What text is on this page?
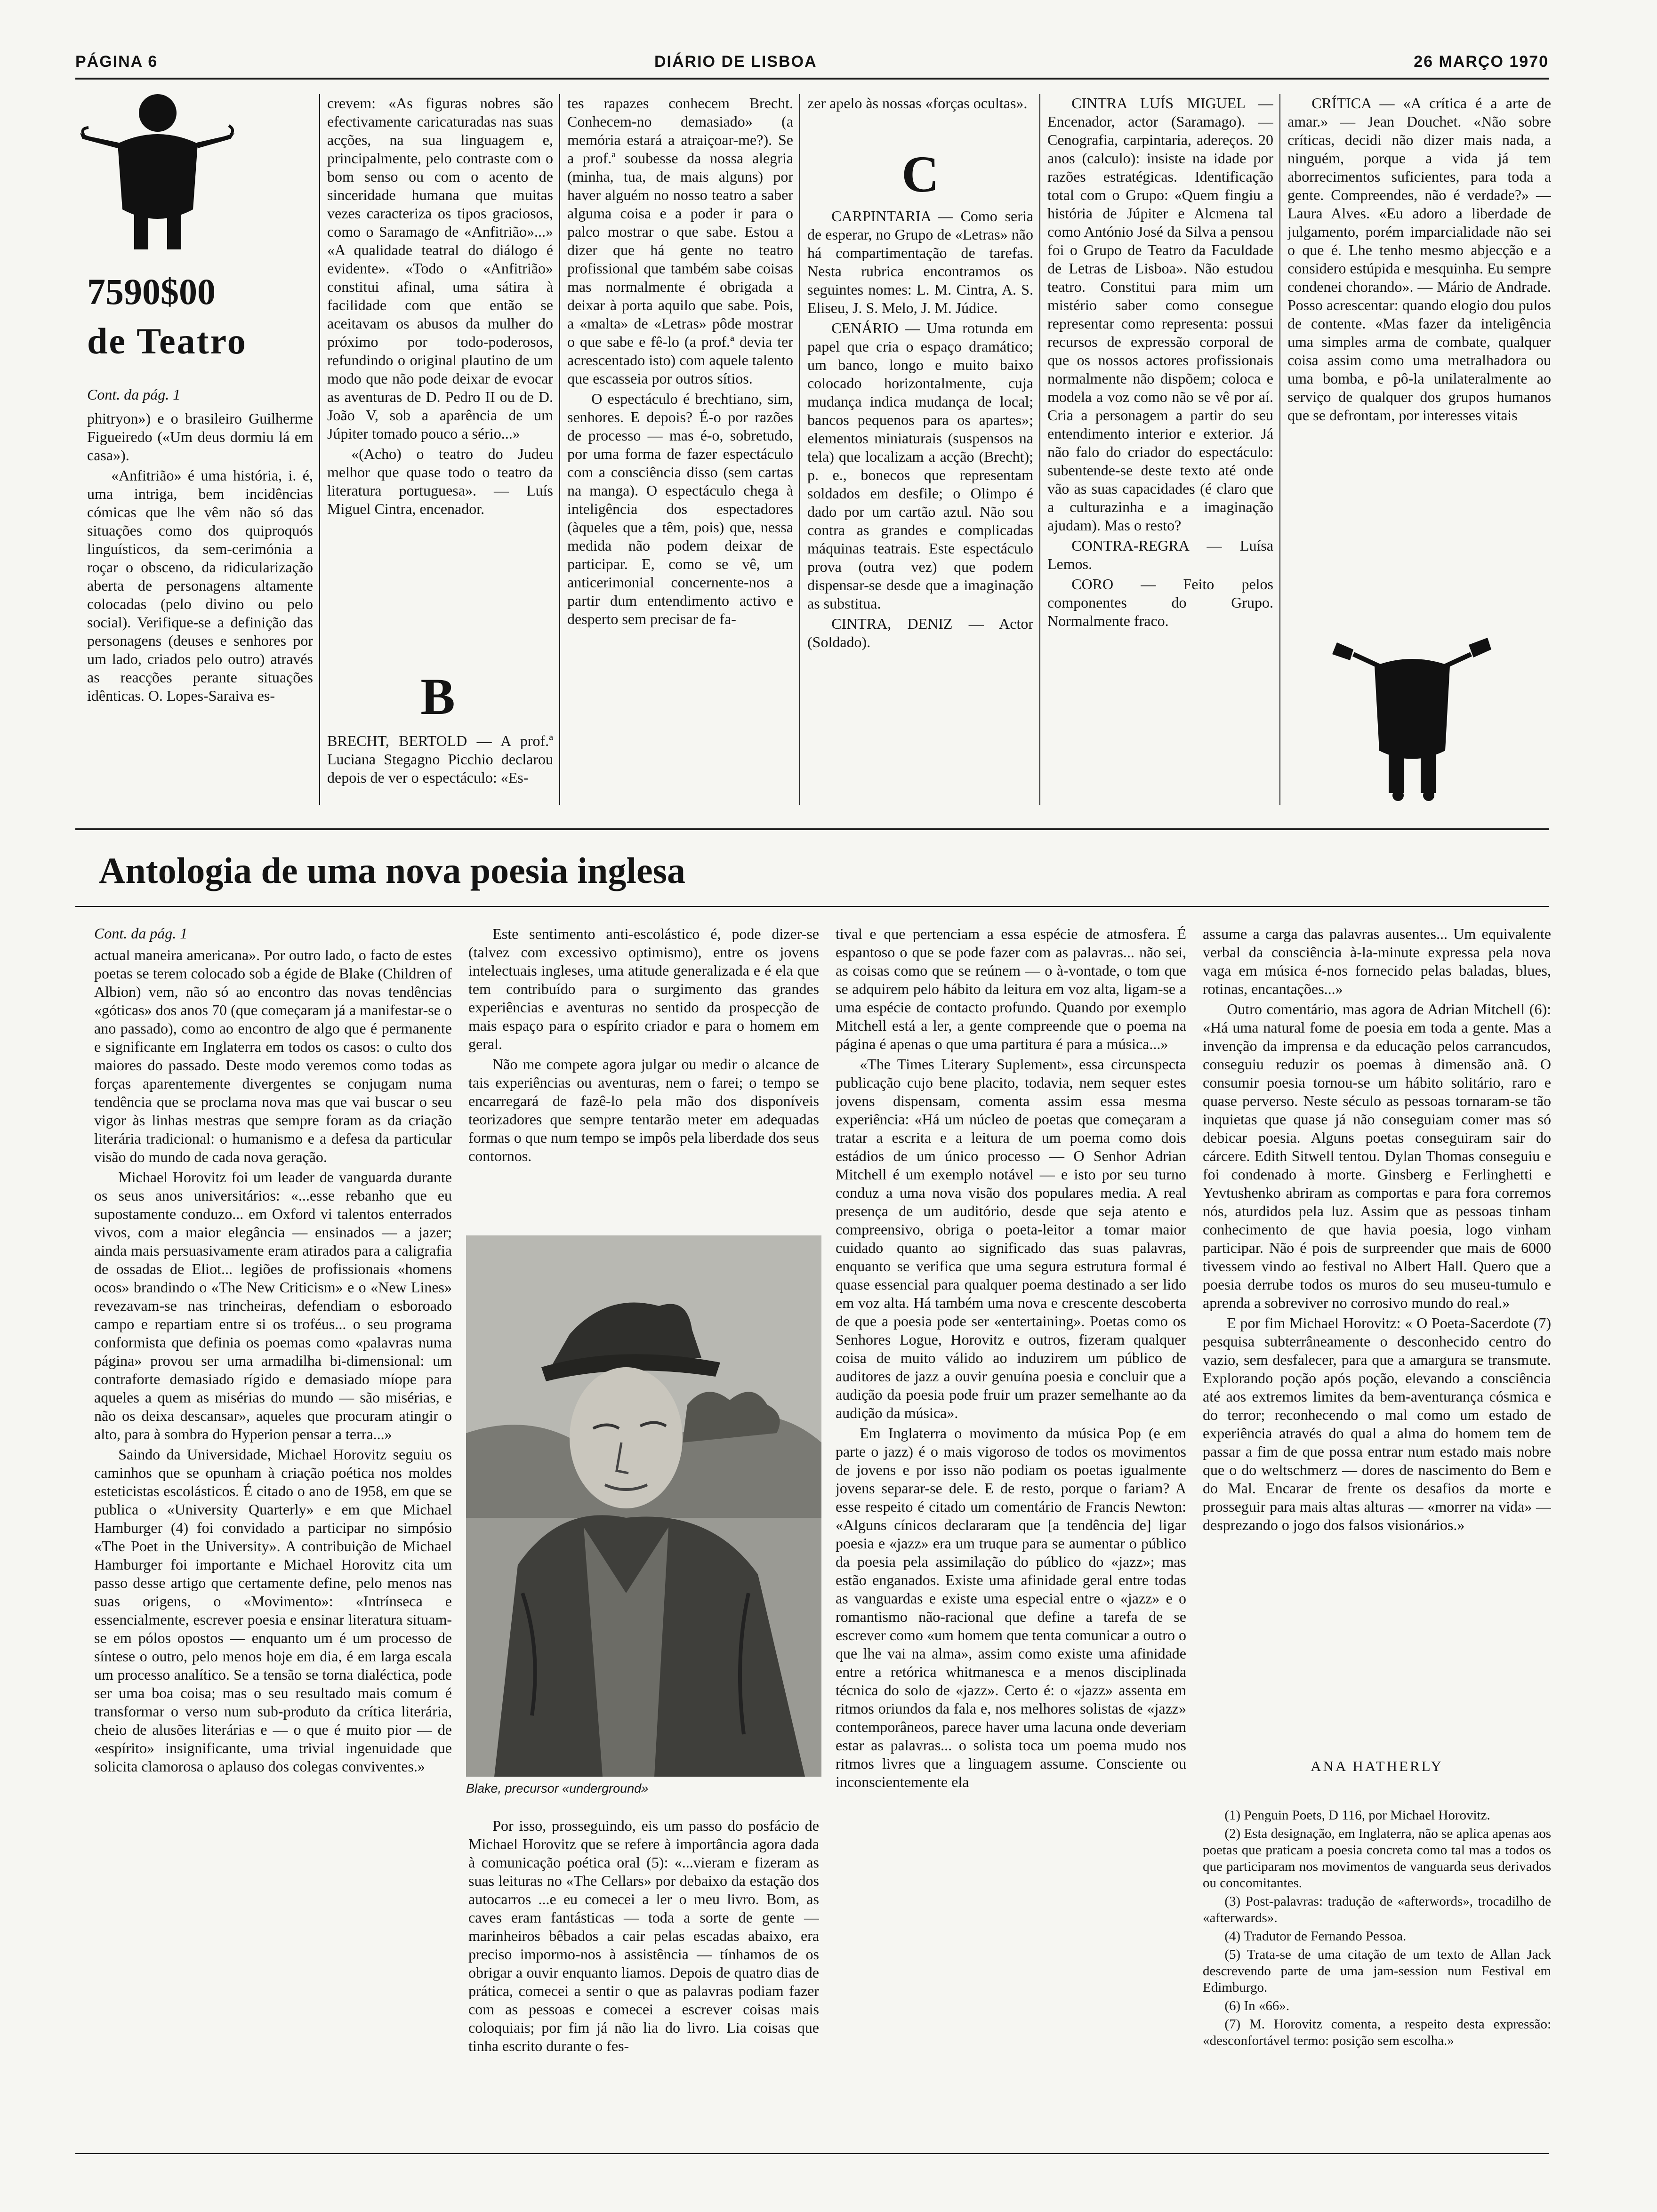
PÁGINA 6	DIÁRIO DE LISBOA	26 MARÇO 1970
7590$00
de Teatro
Cont. da pág. 1

phitryon») e o brasileiro Guilherme Figueiredo («Um deus dormiu lá em casa»).

«Anfitrião» é uma história, i. é, uma intriga, bem incidências cómicas que lhe vêm não só das situações como dos quiproquós linguísticos, da sem-cerimónia a roçar o obsceno, da ridicularização aberta de personagens altamente colocadas (pelo divino ou pelo social). Verifique-se a definição das personagens (deuses e senhores por um lado, criados pelo outro) através as reacções perante situações idênticas. O. Lopes-Saraiva es-

crevem: «As figuras nobres são efectivamente caricaturadas nas suas acções, na sua linguagem e, principalmente, pelo contraste com o bom senso ou com o acento de sinceridade humana que muitas vezes caracteriza os tipos graciosos, como o Saramago de «Anfitrião»...» «A qualidade teatral do diálogo é evidente». «Todo o «Anfitrião» constitui afinal, uma sátira à facilidade com que então se aceitavam os abusos da mulher do próximo por todo-poderosos, refundindo o original plautino de um modo que não pode deixar de evocar as aventuras de D. Pedro II ou de D. João V, sob a aparência de um Júpiter tomado pouco a sério...»

«(Acho) o teatro do Judeu melhor que quase todo o teatro da literatura portuguesa». — Luís Miguel Cintra, encenador.

B

BRECHT, BERTOLD — A prof.ª Luciana Stegagno Picchio declarou depois de ver o espectáculo: «Es-

tes rapazes conhecem Brecht. Conhecem-no demasiado» (a memória estará a atraiçoar-me?). Se a prof.ª soubesse da nossa alegria (minha, tua, de mais alguns) por haver alguém no nosso teatro a saber alguma coisa e a poder ir para o palco mostrar o que sabe. Estou a dizer que há gente no teatro profissional que também sabe coisas mas normalmente é obrigada a deixar à porta aquilo que sabe. Pois, a «malta» de «Letras» pôde mostrar o que sabe e fê-lo (a prof.ª devia ter acrescentado isto) com aquele talento que escasseia por outros sítios.

O espectáculo é brechtiano, sim, senhores. E depois? É-o por razões de processo — mas é-o, sobretudo, por uma forma de fazer espectáculo com a consciência disso (sem cartas na manga). O espectáculo chega à inteligência dos espectadores (àqueles que a têm, pois) que, nessa medida não podem deixar de participar. E, como se vê, um anticerimonial concernente-nos a partir dum entendimento activo e desperto sem precisar de fa-

zer apelo às nossas «forças ocultas».

C

CARPINTARIA — Como seria de esperar, no Grupo de «Letras» não há compartimentação de tarefas. Nesta rubrica encontramos os seguintes nomes: L. M. Cintra, A. S. Eliseu, J. S. Melo, J. M. Júdice.

CENÁRIO — Uma rotunda em papel que cria o espaço dramático; um banco, longo e muito baixo colocado horizontalmente, cuja mudança indica mudança de local; bancos pequenos para os apartes»; elementos miniaturais (suspensos na tela) que localizam a acção (Brecht); p. e., bonecos que representam soldados em desfile; o Olimpo é dado por um cartão azul. Não sou contra as grandes e complicadas máquinas teatrais. Este espectáculo prova (outra vez) que podem dispensar-se desde que a imaginação as substitua.

CINTRA, DENIZ — Actor (Soldado).

CINTRA LUÍS MIGUEL — Encenador, actor (Saramago). — Cenografia, carpintaria, adereços. 20 anos (calculo): insiste na idade por razões estratégicas. Identificação total com o Grupo: «Quem fingiu a história de Júpiter e Alcmena tal como António José da Silva a pensou foi o Grupo de Teatro da Faculdade de Letras de Lisboa». Não estudou teatro. Constitui para mim um mistério saber como consegue representar como representa: possui recursos de expressão corporal de que os nossos actores profissionais normalmente não dispõem; coloca e modela a voz como não se vê por aí. Cria a personagem a partir do seu entendimento interior e exterior. Já não falo do criador do espectáculo: subentende-se deste texto até onde vão as suas capacidades (é claro que a culturazinha e a imaginação ajudam). Mas o resto?

CONTRA-REGRA — Luísa Lemos.

CORO — Feito pelos componentes do Grupo. Normalmente fraco.

CRÍTICA — «A crítica é a arte de amar.» — Jean Douchet. «Não sobre críticas, decidi não dizer mais nada, a ninguém, porque a vida já tem aborrecimentos suficientes, para toda a gente. Compreendes, não é verdade?» — Laura Alves. «Eu adoro a liberdade de julgamento, porém imparcialidade não sei o que é. Lhe tenho mesmo abjecção e a considero estúpida e mesquinha. Eu sempre condenei chorando». — Mário de Andrade. Posso acrescentar: quando elogio dou pulos de contente. «Mas fazer da inteligência uma simples arma de combate, qualquer coisa assim como uma metralhadora ou uma bomba, e pô-la unilateralmente ao serviço de qualquer dos grupos humanos que se defrontam, por interesses vitais

Antologia de uma nova poesia inglesa
Cont. da pág. 1

actual maneira americana». Por outro lado, o facto de estes poetas se terem colocado sob a égide de Blake (Children of Albion) vem, não só ao encontro das novas tendências «góticas» dos anos 70 (que começaram já a manifestar-se o ano passado), como ao encontro de algo que é permanente e significante em Inglaterra em todos os casos: o culto dos maiores do passado. Deste modo veremos como todas as forças aparentemente divergentes se conjugam numa tendência que se proclama nova mas que vai buscar o seu vigor às linhas mestras que sempre foram as da criação literária tradicional: o humanismo e a defesa da particular visão do mundo de cada nova geração.

Michael Horovitz foi um leader de vanguarda durante os seus anos universitários: «...esse rebanho que eu supostamente conduzo... em Oxford vi talentos enterrados vivos, com a maior elegância — ensinados — a jazer; ainda mais persuasivamente eram atirados para a caligrafia de ossadas de Eliot... legiões de profissionais «homens ocos» brandindo o «The New Criticism» e o «New Lines» revezavam-se nas trincheiras, defendiam o esboroado campo e repartiam entre si os troféus... o seu programa conformista que definia os poemas como «palavras numa página» provou ser uma armadilha bi-dimensional: um contraforte demasiado rígido e demasiado míope para aqueles a quem as misérias do mundo — são misérias, e não os deixa descansar», aqueles que procuram atingir o alto, para à sombra do Hyperion pensar a terra...»

Saindo da Universidade, Michael Horovitz seguiu os caminhos que se opunham à criação poética nos moldes esteticistas escolásticos. É citado o ano de 1958, em que se publica o «University Quarterly» e em que Michael Hamburger (4) foi convidado a participar no simpósio «The Poet in the University». A contribuição de Michael Hamburger foi importante e Michael Horovitz cita um passo desse artigo que certamente define, pelo menos nas suas origens, o «Movimento»: «Intrínseca e essencialmente, escrever poesia e ensinar literatura situam-se em pólos opostos — enquanto um é um processo de síntese o outro, pelo menos hoje em dia, é em larga escala um processo analítico. Se a tensão se torna dialéctica, pode ser uma boa coisa; mas o seu resultado mais comum é transformar o verso num sub-produto da crítica literária, cheio de alusões literárias e — o que é muito pior — de «espírito» insignificante, uma trivial ingenuidade que solicita clamorosa o aplauso dos colegas conviventes.»

Este sentimento anti-escolástico é, pode dizer-se (talvez com excessivo optimismo), entre os jovens intelectuais ingleses, uma atitude generalizada e é ela que tem contribuído para o surgimento das grandes experiências e aventuras no sentido da prospecção de mais espaço para o espírito criador e para o homem em geral.

Não me compete agora julgar ou medir o alcance de tais experiências ou aventuras, nem o farei; o tempo se encarregará de fazê-lo pela mão dos disponíveis teorizadores que sempre tentarão meter em adequadas formas o que num tempo se impôs pela liberdade dos seus contornos.

Blake, precursor «underground»

Por isso, prosseguindo, eis um passo do posfácio de Michael Horovitz que se refere à importância agora dada à comunicação poética oral (5): «...vieram e fizeram as suas leituras no «The Cellars» por debaixo da estação dos autocarros ...e eu comecei a ler o meu livro. Bom, as caves eram fantásticas — toda a sorte de gente — marinheiros bêbados a cair pelas escadas abaixo, era preciso impormo-nos à assistência — tínhamos de os obrigar a ouvir enquanto liamos. Depois de quatro dias de prática, comecei a sentir o que as palavras podiam fazer com as pessoas e comecei a escrever coisas mais coloquiais; por fim já não lia do livro. Lia coisas que tinha escrito durante o fes-

tival e que pertenciam a essa espécie de atmosfera. É espantoso o que se pode fazer com as palavras... não sei, as coisas como que se reúnem — o à-vontade, o tom que se adquirem pelo hábito da leitura em voz alta, ligam-se a uma espécie de contacto profundo. Quando por exemplo Mitchell está a ler, a gente compreende que o poema na página é apenas o que uma partitura é para a música...»

«The Times Literary Suplement», essa circunspecta publicação cujo bene placito, todavia, nem sequer estes jovens dispensam, comenta assim essa mesma experiência: «Há um núcleo de poetas que começaram a tratar a escrita e a leitura de um poema como dois estádios de um único processo — O Senhor Adrian Mitchell é um exemplo notável — e isto por seu turno conduz a uma nova visão dos populares media. A real presença de um auditório, desde que seja atento e compreensivo, obriga o poeta-leitor a tomar maior cuidado quanto ao significado das suas palavras, enquanto se verifica que uma segura estrutura formal é quase essencial para qualquer poema destinado a ser lido em voz alta. Há também uma nova e crescente descoberta de que a poesia pode ser «entertaining». Poetas como os Senhores Logue, Horovitz e outros, fizeram qualquer coisa de muito válido ao induzirem um público de auditores de jazz a ouvir genuína poesia e concluir que a audição da poesia pode fruir um prazer semelhante ao da audição da música».

Em Inglaterra o movimento da música Pop (e em parte o jazz) é o mais vigoroso de todos os movimentos de jovens e por isso não podiam os poetas igualmente jovens separar-se dele. E de resto, porque o fariam? A esse respeito é citado um comentário de Francis Newton: «Alguns cínicos declararam que [a tendência de] ligar poesia e «jazz» era um truque para se aumentar o público da poesia pela assimilação do público do «jazz»; mas estão enganados. Existe uma afinidade geral entre todas as vanguardas e existe uma especial entre o «jazz» e o romantismo não-racional que define a tarefa de se escrever como «um homem que tenta comunicar a outro o que lhe vai na alma», assim como existe uma afinidade entre a retórica whitmanesca e a menos disciplinada técnica do solo de «jazz». Certo é: o «jazz» assenta em ritmos oriundos da fala e, nos melhores solistas de «jazz» contemporâneos, parece haver uma lacuna onde deveriam estar as palavras... o solista toca um poema mudo nos ritmos livres que a linguagem assume. Consciente ou inconscientemente ela

assume a carga das palavras ausentes... Um equivalente verbal da consciência à-la-minute expressa pela nova vaga em música é-nos fornecido pelas baladas, blues, rotinas, encantações...»

Outro comentário, mas agora de Adrian Mitchell (6): «Há uma natural fome de poesia em toda a gente. Mas a invenção da imprensa e da educação pelos carrancudos, conseguiu reduzir os poemas à dimensão anã. O consumir poesia tornou-se um hábito solitário, raro e quase perverso. Neste século as pessoas tornaram-se tão inquietas que quase já não conseguiam comer mas só debicar poesia. Alguns poetas conseguiram sair do cárcere. Edith Sitwell tentou. Dylan Thomas conseguiu e foi condenado à morte. Ginsberg e Ferlinghetti e Yevtushenko abriram as comportas e para fora corremos nós, aturdidos pela luz. Assim que as pessoas tinham conhecimento de que havia poesia, logo vinham participar. Não é pois de surpreender que mais de 6000 tivessem vindo ao festival no Albert Hall. Quero que a poesia derrube todos os muros do seu museu-tumulo e aprenda a sobreviver no corrosivo mundo do real.»

E por fim Michael Horovitz: « O Poeta-Sacerdote (7) pesquisa subterrâneamente o desconhecido centro do vazio, sem desfalecer, para que a amargura se transmute. Explorando poção após poção, elevando a consciência até aos extremos limites da bem-aventurança cósmica e do terror; reconhecendo o mal como um estado de experiência através do qual a alma do homem tem de passar a fim de que possa entrar num estado mais nobre que o do weltschmerz — dores de nascimento do Bem e do Mal. Encarar de frente os desafios da morte e prosseguir para mais altas alturas — «morrer na vida» — desprezando o jogo dos falsos visionários.»

ANA HATHERLY

(1) Penguin Poets, D 116, por Michael Horovitz.

(2) Esta designação, em Inglaterra, não se aplica apenas aos poetas que praticam a poesia concreta como tal mas a todos os que participaram nos movimentos de vanguarda seus derivados ou concomitantes.

(3) Post-palavras: tradução de «afterwords», trocadilho de «afterwards».

(4) Tradutor de Fernando Pessoa.

(5) Trata-se de uma citação de um texto de Allan Jack descrevendo parte de uma jam-session num Festival em Edimburgo.

(6) In «66».

(7) M. Horovitz comenta, a respeito desta expressão: «desconfortável termo: posição sem escolha.»
